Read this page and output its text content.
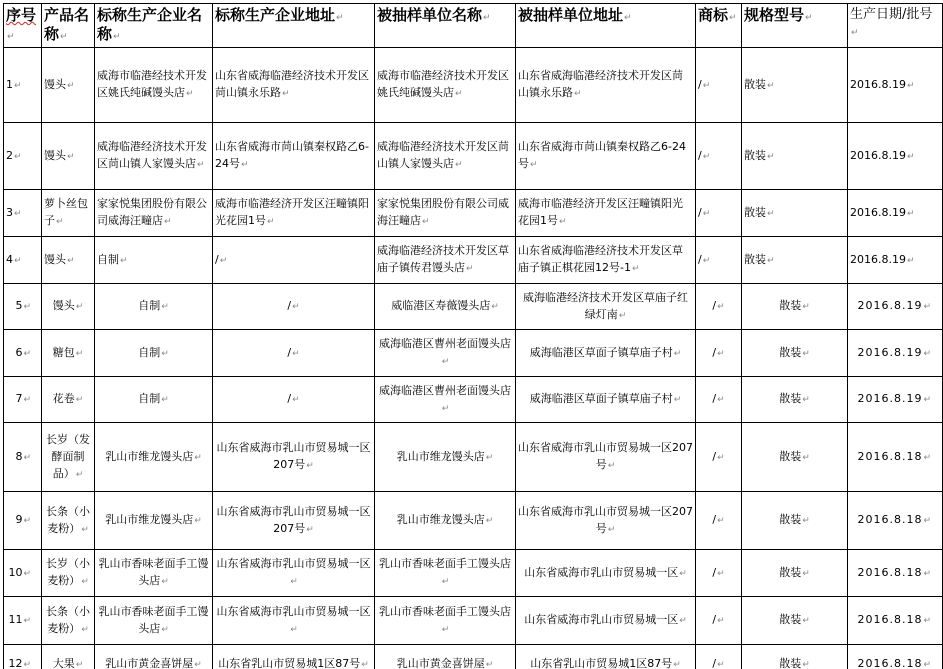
序号↵	产品名称↵	标称生产企业名称↵	标称生产企业地址↵	被抽样单位名称↵	被抽样单位地址↵	商标↵	规格型号↵	生产日期/批号↵
1↵	馒头↵	威海市临港经技术开发区姚氏纯碱馒头店↵	山东省威海临港经济技术开发区苘山镇永乐路↵	威海市临港经济技术开发区姚氏纯碱馒头店↵	山东省威海临港经济技术开发区苘山镇永乐路↵	/↵	散装↵	2016.8.19↵
2↵	馒头↵	威海临港经济技术开发区苘山镇人家馒头店↵	山东省威海市苘山镇秦权路乙6-24号↵	威海临港经济技术开发区苘山镇人家馒头店↵	山东省威海市苘山镇秦权路乙6-24号↵	/↵	散装↵	2016.8.19↵
3↵	萝卜丝包子↵	家家悦集团股份有限公司威海汪疃店↵	威海市临港经济开发区汪疃镇阳光花园1号↵	家家悦集团股份有限公司威海汪疃店↵	威海市临港经济开发区汪疃镇阳光花园1号↵	/↵	散装↵	2016.8.19↵
4↵	馒头↵	自制↵	/↵	威海临港经济技术开发区草庙子镇传君馒头店↵	山东省威海临港经济技术开发区草庙子镇正棋花园12号-1↵	/↵	散装↵	2016.8.19↵
5↵	馒头↵	自制↵	/↵	威临港区寿薇馒头店↵	威海临港经济技术开发区草庙子红绿灯南↵	/↵	散装↵	2016.8.19↵
6↵	糖包↵	自制↵	/↵	威海临港区曹州老面馒头店↵	威海临港区草面子镇草庙子村↵	/↵	散装↵	2016.8.19↵
7↵	花卷↵	自制↵	/↵	威海临港区曹州老面馒头店↵	威海临港区草面子镇草庙子村↵	/↵	散装↵	2016.8.19↵
8↵	长岁（发酵面制品）↵	乳山市维龙馒头店↵	山东省威海市乳山市贸易城一区207号↵	乳山市维龙馒头店↵	山东省威海市乳山市贸易城一区207号↵	/↵	散装↵	2016.8.18↵
9↵	长条（小麦粉）↵	乳山市维龙馒头店↵	山东省威海市乳山市贸易城一区207号↵	乳山市维龙馒头店↵	山东省威海市乳山市贸易城一区207号↵	/↵	散装↵	2016.8.18↵
10↵	长岁（小麦粉）↵	乳山市香味老面手工馒头店↵	山东省威海市乳山市贸易城一区↵	乳山市香味老面手工馒头店↵	山东省威海市乳山市贸易城一区↵	/↵	散装↵	2016.8.18↵
11↵	长条（小麦粉）↵	乳山市香味老面手工馒头店↵	山东省威海市乳山市贸易城一区↵	乳山市香味老面手工馒头店↵	山东省威海市乳山市贸易城一区↵	/↵	散装↵	2016.8.18↵
12↵	大果↵	乳山市黄金喜饼屋↵	山东省乳山市贸易城1区87号↵	乳山市黄金喜饼屋↵	山东省乳山市贸易城1区87号↵	/↵	散装↵	2016.8.18↵
